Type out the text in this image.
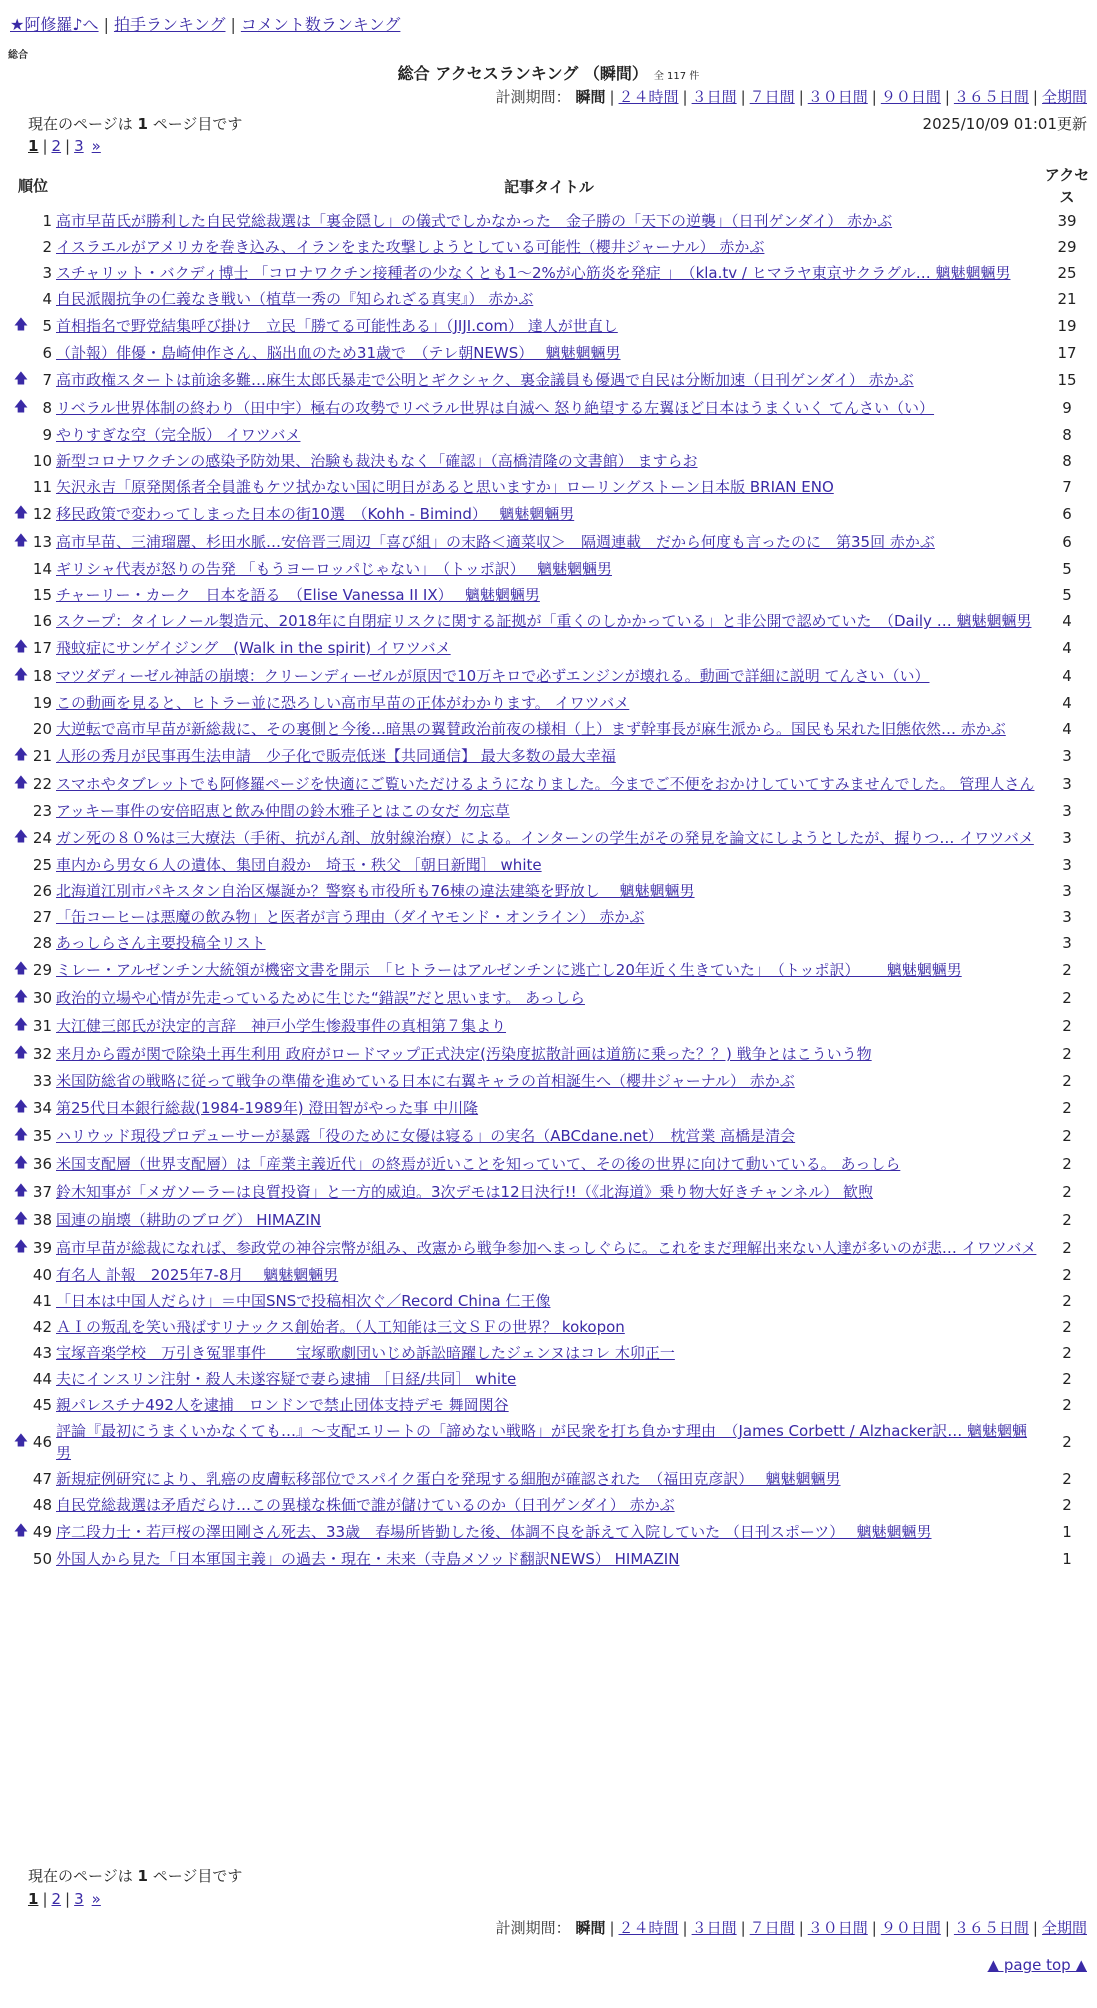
★阿修羅♪へ | 拍手ランキング | コメント数ランキング
総合
総合 アクセスランキング （瞬間） 全 117 件
計測期間： 瞬間 | ２４時間 | ３日間 | ７日間 | ３０日間 | ９０日間 | ３６５日間 | 全期間
現在のページは 1 ページ目です	2025/10/09 01:01更新
1 | 2 | 3 »
順位		記事タイトル	アクセス
	1	高市早苗氏が勝利した自民党総裁選は「裏金隠し」の儀式でしかなかった　金子勝の「天下の逆襲」（日刊ゲンダイ） 赤かぶ	39
	2	イスラエルがアメリカを巻き込み、イランをまた攻撃しようとしている可能性（櫻井ジャーナル） 赤かぶ	29
	3	スチャリット・バクディ博士 「コロナワクチン接種者の少なくとも1～2%が心筋炎を発症 」　（kla.tv / ヒマラヤ東京サクラグル… 魑魅魍魎男	25
	4	自民派閥抗争の仁義なき戦い（植草一秀の『知られざる真実』） 赤かぶ	21
🡅	5	首相指名で野党結集呼び掛け　立民「勝てる可能性ある」（JIJI.com） 達人が世直し	19
	6	（訃報）俳優・島崎伸作さん、脳出血のため31歳で　（テレ朝NEWS）　 魑魅魍魎男	17
🡅	7	高市政権スタートは前途多難…麻生太郎氏暴走で公明とギクシャク、裏金議員も優遇で自民は分断加速（日刊ゲンダイ） 赤かぶ	15
🡅	8	リベラル世界体制の終わり（田中宇）極右の攻勢でリベラル世界は自滅へ 怒り絶望する左翼ほど日本はうまくいく てんさい（い）	9
	9	やりすぎな空（完全版） イワツバメ	8
	10	新型コロナワクチンの感染予防効果、治験も裁決もなく「確認」（高橋清隆の文書館） ますらお	8
	11	矢沢永吉「原発関係者全員誰もケツ拭かない国に明日があると思いますか」ローリングストーン日本版 BRIAN ENO	7
🡅	12	移民政策で変わってしまった日本の街10選　（Kohh - Bimind）　 魑魅魍魎男	6
🡅	13	高市早苗、三浦瑠麗、杉田水脈…安倍晋三周辺「喜び組」の末路＜適菜収＞　隔週連載　だから何度も言ったのに　第35回 赤かぶ	6
	14	ギリシャ代表が怒りの告発 「もうヨーロッパじゃない」　（トッポ訳）　 魑魅魍魎男	5
	15	チャーリー・カーク　日本を語る　（Elise Vanessa II IX）　 魑魅魍魎男	5
	16	スクープ：タイレノール製造元、2018年に自閉症リスクに関する証拠が「重くのしかかっている」と非公開で認めていた　（Daily … 魑魅魍魎男	4
🡅	17	飛蚊症にサンゲイジング　(Walk in the spirit) イワツバメ	4
🡅	18	マツダディーゼル神話の崩壊：クリーンディーゼルが原因で10万キロで必ずエンジンが壊れる。動画で詳細に説明 てんさい（い）	4
	19	この動画を見ると、ヒトラー並に恐ろしい高市早苗の正体がわかります。 イワツバメ	4
	20	大逆転で高市早苗が新総裁に、その裏側と今後…暗黒の翼賛政治前夜の様相（上）まず幹事長が麻生派から。国民も呆れた旧態依然… 赤かぶ	4
🡅	21	人形の秀月が民事再生法申請　少子化で販売低迷【共同通信】 最大多数の最大幸福	3
🡅	22	スマホやタブレットでも阿修羅ページを快適にご覧いただけるようになりました。今までご不便をおかけしていてすみませんでした。 管理人さん	3
	23	アッキー事件の安倍昭恵と飲み仲間の鈴木雅子とはこの女だ 勿忘草	3
🡅	24	ガン死の８０%は三大療法（手術、抗がん剤、放射線治療）による。インターンの学生がその発見を論文にしようとしたが、握りつ… イワツバメ	3
	25	車内から男女６人の遺体、集団自殺か　埼玉・秩父 ［朝日新聞］ white	3
	26	北海道江別市パキスタン自治区爆誕か？警察も市役所も76棟の違法建築を野放し　 魑魅魍魎男	3
	27	「缶コーヒーは悪魔の飲み物」と医者が言う理由（ダイヤモンド・オンライン） 赤かぶ	3
	28	あっしらさん主要投稿全リスト	3
🡅	29	ミレー・アルゼンチン大統領が機密文書を開示　「ヒトラーはアルゼンチンに逃亡し20年近く生きていた」　（トッポ訳）　　 魑魅魍魎男	2
🡅	30	政治的立場や心情が先走っているために生じた“錯誤”だと思います。 あっしら	2
🡅	31	大江健三郎氏が決定的言辞　神戸小学生惨殺事件の真相第７集より	2
🡅	32	来月から霞が関で除染土再生利用 政府がロードマップ正式決定(汚染度拡散計画は道筋に乗った？？) 戦争とはこういう物	2
	33	米国防総省の戦略に従って戦争の準備を進めている日本に右翼キャラの首相誕生へ（櫻井ジャーナル） 赤かぶ	2
🡅	34	第25代日本銀行総裁(1984-1989年) 澄田智がやった事 中川隆	2
🡅	35	ハリウッド現役プロデューサーが暴露「役のために女優は寝る」の実名（ABCdane.net）　枕営業 高橋是清会	2
🡅	36	米国支配層（世界支配層）は「産業主義近代」の終焉が近いことを知っていて、その後の世界に向けて動いている。 あっしら	2
🡅	37	鈴木知事が「メガソーラーは良質投資」と一方的威迫。3次デモは12日決行!!（《北海道》乗り物大好きチャンネル） 歓煦	2
🡅	38	国連の崩壊（耕助のブログ） HIMAZIN	2
🡅	39	高市早苗が総裁になれば、参政党の神谷宗幣が組み、改憲から戦争参加へまっしぐらに。これをまだ理解出来ない人達が多いのが悲… イワツバメ	2
	40	有名人 訃報　2025年7-8月　 魑魅魍魎男	2
	41	「日本は中国人だらけ」＝中国SNSで投稿相次ぐ／Record China 仁王像	2
	42	ＡＩの叛乱を笑い飛ばすリナックス創始者。（人工知能は三文ＳＦの世界？ kokopon	2
	43	宝塚音楽学校　万引き冤罪事件　　宝塚歌劇団いじめ訴訟暗躍したジェンヌはコレ 木卯正一	2
	44	夫にインスリン注射・殺人未遂容疑で妻ら逮捕 ［日経/共同］ white	2
	45	親パレスチナ492人を逮捕　ロンドンで禁止団体支持デモ 舞岡関谷	2
🡅	46	評論『最初にうまくいかなくても…』～支配エリートの「諦めない戦略」が民衆を打ち負かす理由　（James Corbett / Alzhacker訳… 魑魅魍魎男	2
	47	新規症例研究により、乳癌の皮膚転移部位でスパイク蛋白を発現する細胞が確認された　（福田克彦訳）　 魑魅魍魎男	2
	48	自民党総裁選は矛盾だらけ…この異様な株価で誰が儲けているのか（日刊ゲンダイ） 赤かぶ	2
🡅	49	序二段力士・若戸桜の澤田剛さん死去、33歳　春場所皆勤した後、体調不良を訴えて入院していた （日刊スポーツ）　 魑魅魍魎男	1
	50	外国人から見た「日本軍国主義」の過去・現在・未来（寺島メソッド翻訳NEWS） HIMAZIN	1
現在のページは 1 ページ目です
1 | 2 | 3 »
計測期間： 瞬間 | ２４時間 | ３日間 | ７日間 | ３０日間 | ９０日間 | ３６５日間 | 全期間
▲ page top ▲
